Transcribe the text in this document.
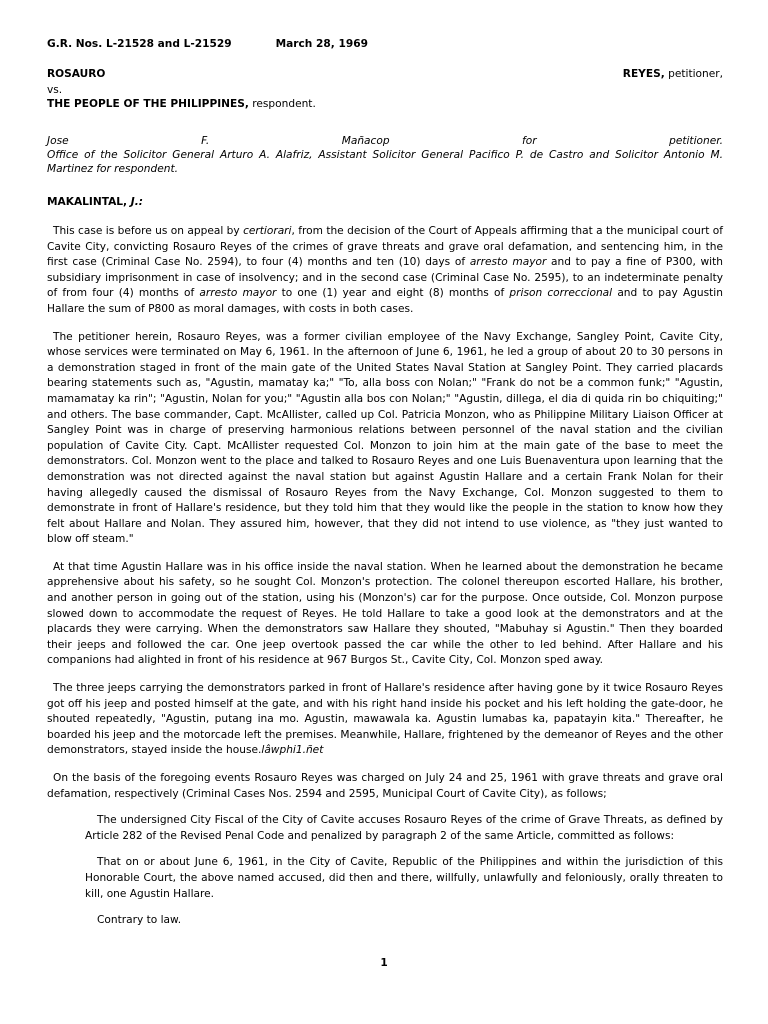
G.R. Nos. L-21528 and L-21529	March 28, 1969

ROSAURO	REYES, petitioner,

vs.

THE PEOPLE OF THE PHILIPPINES, respondent.

Jose	F.	Mañacop	for	petitioner.
Office of the Solicitor General Arturo A. Alafriz, Assistant Solicitor General Pacifico P. de Castro and Solicitor Antonio M. Martinez for respondent.
MAKALINTAL, J.:

This case is before us on appeal by certiorari, from the decision of the Court of Appeals affirming that a the municipal court of Cavite City, convicting Rosauro Reyes of the crimes of grave threats and grave oral defamation, and sentencing him, in the first case (Criminal Case No. 2594), to four (4) months and ten (10) days of arresto mayor and to pay a fine of P300, with subsidiary imprisonment in case of insolvency; and in the second case (Criminal Case No. 2595), to an indeterminate penalty of from four (4) months of arresto mayor to one (1) year and eight (8) months of prison correccional and to pay Agustin Hallare the sum of P800 as moral damages, with costs in both cases.

The petitioner herein, Rosauro Reyes, was a former civilian employee of the Navy Exchange, Sangley Point, Cavite City, whose services were terminated on May 6, 1961. In the afternoon of June 6, 1961, he led a group of about 20 to 30 persons in a demonstration staged in front of the main gate of the United States Naval Station at Sangley Point. They carried placards bearing statements such as, "Agustin, mamatay ka;" "To, alla boss con Nolan;" "Frank do not be a common funk;" "Agustin, mamamatay ka rin"; "Agustin, Nolan for you;" "Agustin alla bos con Nolan;" "Agustin, dillega, el dia di quida rin bo chiquiting;" and others. The base commander, Capt. McAllister, called up Col. Patricia Monzon, who as Philippine Military Liaison Officer at Sangley Point was in charge of preserving harmonious relations between personnel of the naval station and the civilian population of Cavite City. Capt. McAllister requested Col. Monzon to join him at the main gate of the base to meet the demonstrators. Col. Monzon went to the place and talked to Rosauro Reyes and one Luis Buenaventura upon learning that the demonstration was not directed against the naval station but against Agustin Hallare and a certain Frank Nolan for their having allegedly caused the dismissal of Rosauro Reyes from the Navy Exchange, Col. Monzon suggested to them to demonstrate in front of Hallare's residence, but they told him that they would like the people in the station to know how they felt about Hallare and Nolan. They assured him, however, that they did not intend to use violence, as "they just wanted to blow off steam."

At that time Agustin Hallare was in his office inside the naval station. When he learned about the demonstration he became apprehensive about his safety, so he sought Col. Monzon's protection. The colonel thereupon escorted Hallare, his brother, and another person in going out of the station, using his (Monzon's) car for the purpose. Once outside, Col. Monzon purpose slowed down to accommodate the request of Reyes. He told Hallare to take a good look at the demonstrators and at the placards they were carrying. When the demonstrators saw Hallare they shouted, "Mabuhay si Agustin." Then they boarded their jeeps and followed the car. One jeep overtook passed the car while the other to led behind. After Hallare and his companions had alighted in front of his residence at 967 Burgos St., Cavite City, Col. Monzon sped away.

The three jeeps carrying the demonstrators parked in front of Hallare's residence after having gone by it twice Rosauro Reyes got off his jeep and posted himself at the gate, and with his right hand inside his pocket and his left holding the gate-door, he shouted repeatedly, "Agustin, putang ina mo. Agustin, mawawala ka. Agustin lumabas ka, papatayin kita." Thereafter, he boarded his jeep and the motorcade left the premises. Meanwhile, Hallare, frightened by the demeanor of Reyes and the other demonstrators, stayed inside the house.lâwphi1.ñet

On the basis of the foregoing events Rosauro Reyes was charged on July 24 and 25, 1961 with grave threats and grave oral defamation, respectively (Criminal Cases Nos. 2594 and 2595, Municipal Court of Cavite City), as follows;

The undersigned City Fiscal of the City of Cavite accuses Rosauro Reyes of the crime of Grave Threats, as defined by Article 282 of the Revised Penal Code and penalized by paragraph 2 of the same Article, committed as follows:

That on or about June 6, 1961, in the City of Cavite, Republic of the Philippines and within the jurisdiction of this Honorable Court, the above named accused, did then and there, willfully, unlawfully and feloniously, orally threaten to kill, one Agustin Hallare.

Contrary to law.

1
